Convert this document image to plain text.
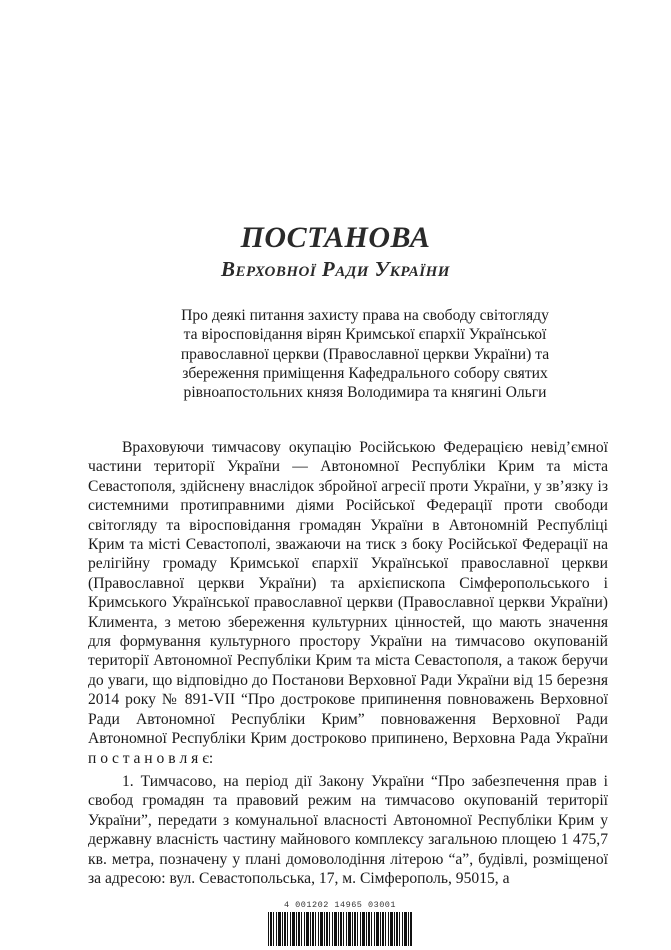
ПОСТАНОВА
Верховної Ради України
Про деякі питання захисту права на свободу світогляду
та віросповідання вірян Кримської єпархії Української
православної церкви (Православної церкви України) та
збереження приміщення Кафедрального собору святих
рівноапостольних князя Володимира та княгині Ольги

Враховуючи тимчасову окупацію Російською Федерацією невід’ємної частини території України — Автономної Республіки Крим та міста Севастополя, здійснену внаслідок збройної агресії проти України, у зв’язку із системними протиправними діями Російської Федерації проти свободи світогляду та віросповідання громадян України в Автономній Республіці Крим та місті Севастополі, зважаючи на тиск з боку Російської Федерації на релігійну громаду Кримської єпархії Української православної церкви (Православної церкви України) та архієпископа Сімферопольського і Кримського Української православної церкви (Православної церкви України) Климента, з метою збереження культурних цінностей, що мають значення для формування культурного простору України на тимчасово окупованій території Автономної Республіки Крим та міста Севастополя, а також беручи до уваги, що відповідно до Постанови Верховної Ради України від 15 березня 2014 року № 891-VII “Про дострокове припинення повноважень Верховної Ради Автономної Республіки Крим” повноваження Верховної Ради Автономної Республіки Крим достроково припинено, Верховна Рада України п о с т а н о в л я є:

1. Тимчасово, на період дії Закону України “Про забезпечення прав і свобод громадян та правовий режим на тимчасово окупованій території України”, передати з комунальної власності Автономної Республіки Крим у державну власність частину майнового комплексу загальною площею 1 475,7 кв. метра, позначену у плані домоволодіння літерою “а”, будівлі, розміщеної за адресою: вул. Севастопольська, 17, м. Сімферополь, 95015, а

4 001202 14965 03001
